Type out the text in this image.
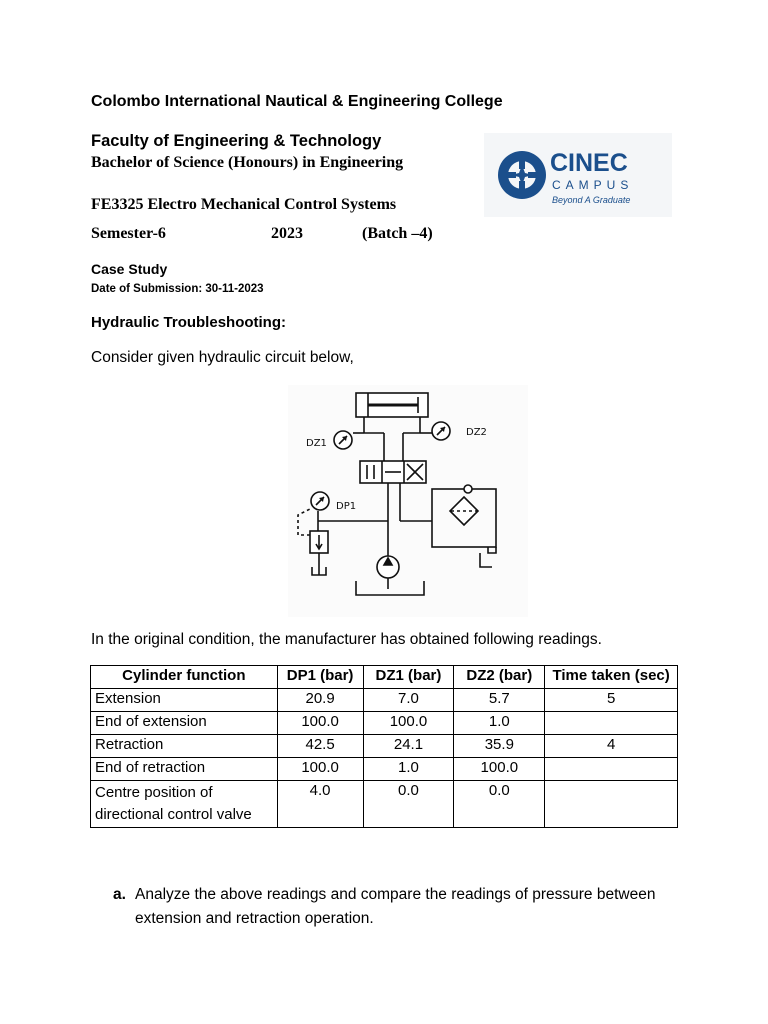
Colombo International Nautical & Engineering College
Faculty of Engineering & Technology
Bachelor of Science (Honours) in Engineering
FE3325 Electro Mechanical Control Systems
Semester-6	2023	(Batch –4)
CINEC
CAMPUS
Beyond A Graduate
Case Study
Date of Submission: 30-11-2023
Hydraulic Troubleshooting:
Consider given hydraulic circuit below,
DZ1
DZ2
DP1
In the original condition, the manufacturer has obtained following readings.
Cylinder function	DP1 (bar)	DZ1 (bar)	DZ2 (bar)	Time taken (sec)
Extension	20.9	7.0	5.7	5
End of extension	100.0	100.0	1.0	
Retraction	42.5	24.1	35.9	4
End of retraction	100.0	1.0	100.0	
Centre position of directional control valve	4.0	0.0	0.0	
a. Analyze the above readings and compare the readings of pressure between extension and retraction operation.
